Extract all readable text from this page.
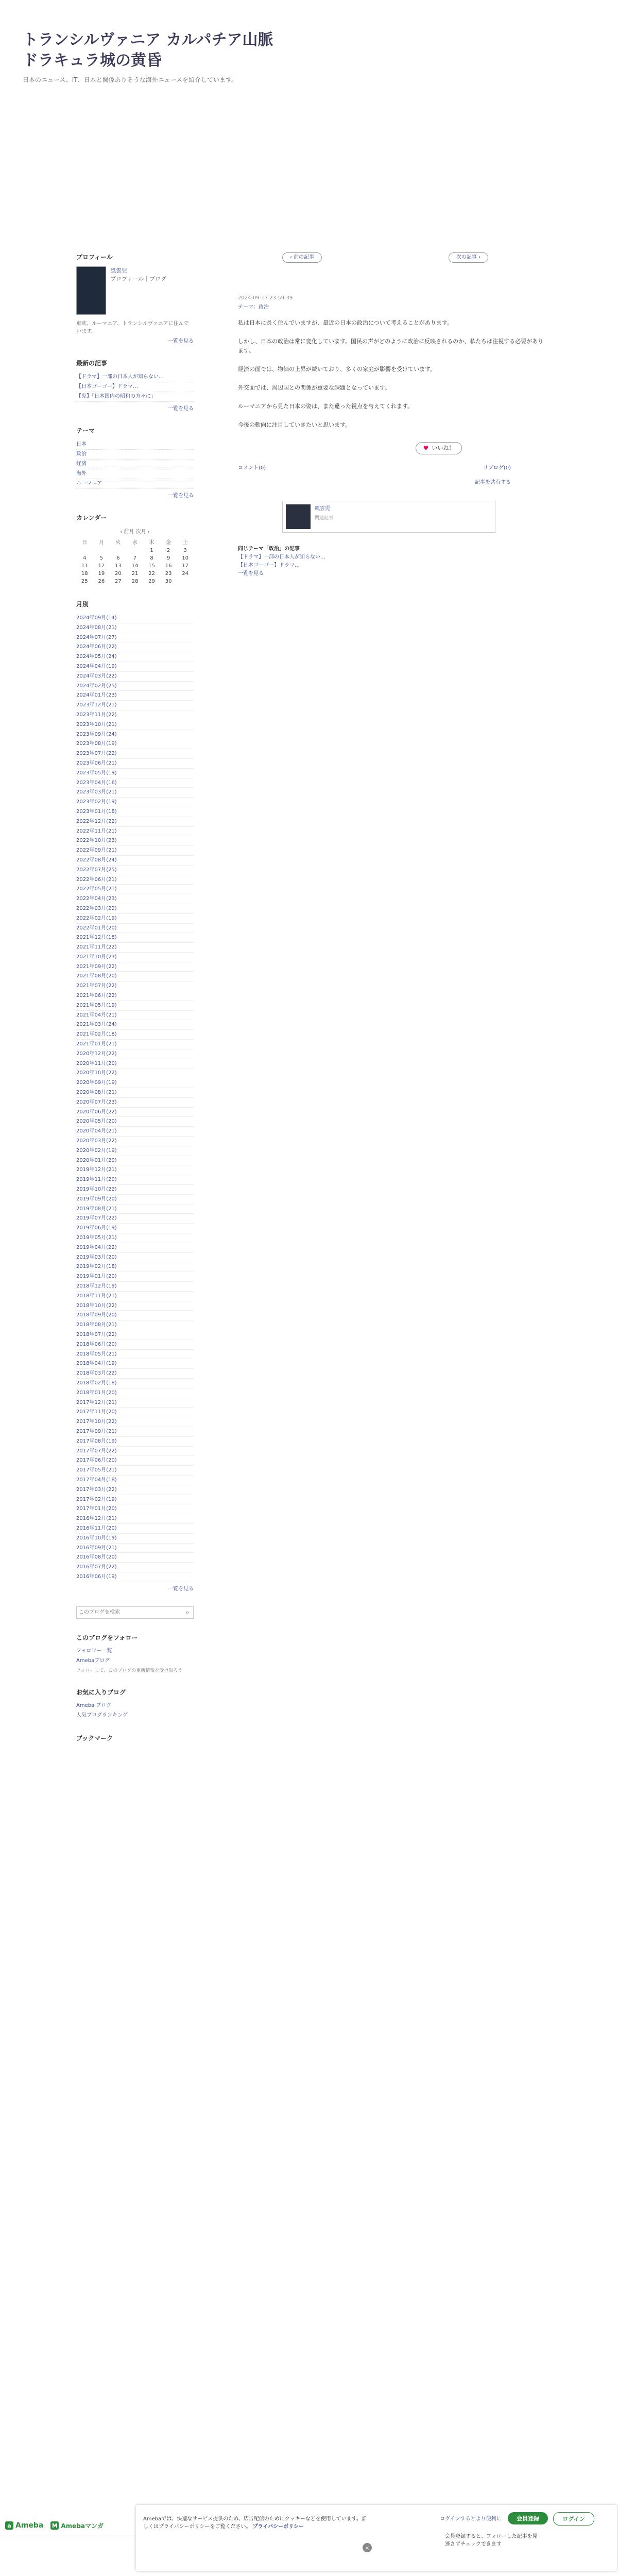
トランシルヴァニア カルパチア山脈 ドラキュラ城の黄昏
日本のニュース、IT、日本と関係ありそうな海外ニュースを紹介しています。
プロフィール
風雲児
プロフィール｜ブログ
東欧、ルーマニア、トランシルヴァニアに住んでいます。
一覧を見る
最新の記事
【ドラマ】一部の日本人が知らない…
【日本ゴーゴー】ドラマ…
【鬼】「日本国内の昭和の方々に」
一覧を見る
テーマ
日本
政治
経済
海外
ルーマニア
一覧を見る
カレンダー
‹ 前月 次月 ›
日	月	火	水	木	金	土
				1	2	3
4	5	6	7	8	9	10
11	12	13	14	15	16	17
18	19	20	21	22	23	24
25	26	27	28	29	30	
月別
2024年09月(14)
2024年08月(21)
2024年07月(27)
2024年06月(22)
2024年05月(24)
2024年04月(19)
2024年03月(22)
2024年02月(25)
2024年01月(23)
2023年12月(21)
2023年11月(22)
2023年10月(21)
2023年09月(24)
2023年08月(19)
2023年07月(22)
2023年06月(21)
2023年05月(19)
2023年04月(16)
2023年03月(21)
2023年02月(19)
2023年01月(18)
2022年12月(22)
2022年11月(21)
2022年10月(23)
2022年09月(21)
2022年08月(24)
2022年07月(25)
2022年06月(21)
2022年05月(21)
2022年04月(23)
2022年03月(22)
2022年02月(19)
2022年01月(20)
2021年12月(18)
2021年11月(22)
2021年10月(23)
2021年09月(22)
2021年08月(20)
2021年07月(22)
2021年06月(22)
2021年05月(19)
2021年04月(21)
2021年03月(24)
2021年02月(18)
2021年01月(21)
2020年12月(22)
2020年11月(20)
2020年10月(22)
2020年09月(19)
2020年08月(21)
2020年07月(23)
2020年06月(22)
2020年05月(20)
2020年04月(21)
2020年03月(22)
2020年02月(19)
2020年01月(20)
2019年12月(21)
2019年11月(20)
2019年10月(22)
2019年09月(20)
2019年08月(21)
2019年07月(22)
2019年06月(19)
2019年05月(21)
2019年04月(22)
2019年03月(20)
2019年02月(18)
2019年01月(20)
2018年12月(19)
2018年11月(21)
2018年10月(22)
2018年09月(20)
2018年08月(21)
2018年07月(22)
2018年06月(20)
2018年05月(21)
2018年04月(19)
2018年03月(22)
2018年02月(18)
2018年01月(20)
2017年12月(21)
2017年11月(20)
2017年10月(22)
2017年09月(21)
2017年08月(19)
2017年07月(22)
2017年06月(20)
2017年05月(21)
2017年04月(18)
2017年03月(22)
2017年02月(19)
2017年01月(20)
2016年12月(21)
2016年11月(20)
2016年10月(19)
2016年09月(21)
2016年08月(20)
2016年07月(22)
2016年06月(19)
一覧を見る
このブログを検索
⌕
このブログをフォロー
フォロワー一覧
Amebaブログ
フォローして、このブログの更新情報を受け取ろう
お気に入りブログ
Ameba ブログ
人気ブログランキング
ブックマーク
‹ 前の記事	次の記事 ›
2024-09-17 23:59:39
テーマ：政治

私は日本に長く住んでいますが、最近の日本の政治について考えることがあります。

しかし、日本の政治は常に変化しています。国民の声がどのように政治に反映されるのか、私たちは注視する必要があります。

経済の面では、物価の上昇が続いており、多くの家庭が影響を受けています。

外交面では、周辺国との関係が重要な課題となっています。

ルーマニアから見た日本の姿は、また違った視点を与えてくれます。

今後の動向に注目していきたいと思います。

♥ いいね！
コメント(0)	リブログ(0)
記事を共有する
風雲児
関連記事
同じテーマ「政治」の記事
【ドラマ】一部の日本人が知らない…
【日本ゴーゴー】ドラマ…
一覧を見る
a Ameba M Amebaマンガ
Amebaでは、快適なサービス提供のため、広告配信のためにクッキーなどを使用しています。詳しくはプライバシーポリシーをご覧ください。 プライバシーポリシー
×
ログインするとより便利に
会員登録すると、フォローした記事を見逃さずチェックできます
会員登録	ログイン
